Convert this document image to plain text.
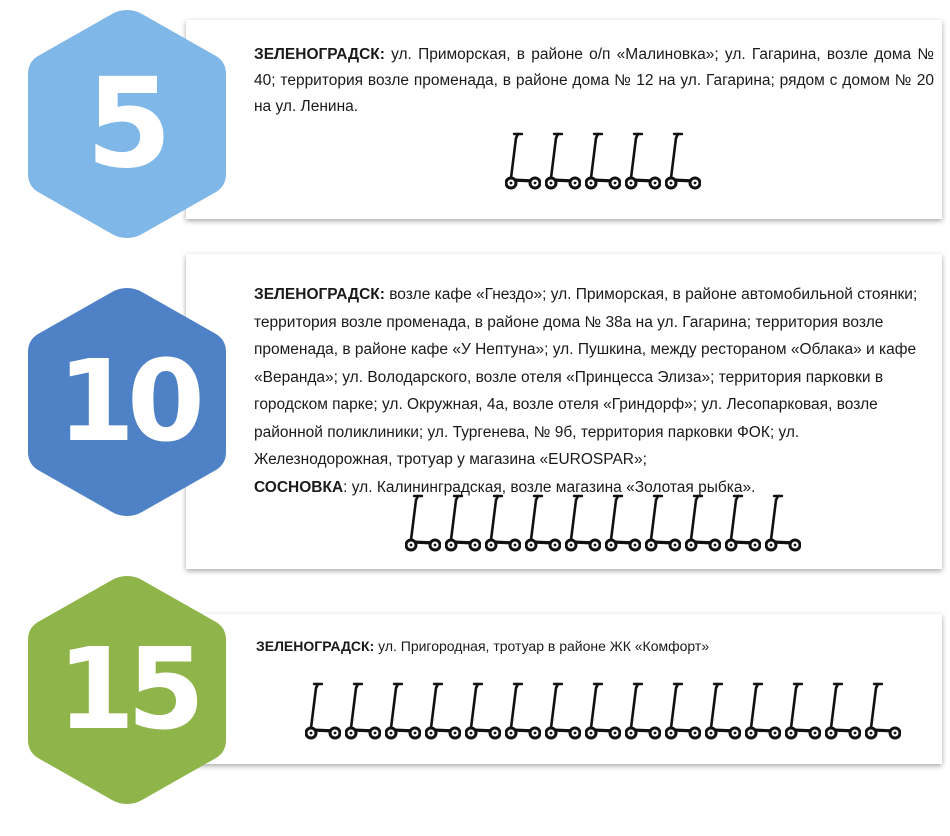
5	ЗЕЛЕНОГРАДСК: ул. Приморская, в районе о/п «Малиновка»; ул. Гагарина, возле дома № 40; территория возле променада, в районе дома № 12 на ул. Гагарина; рядом с домом № 20 на ул. Ленина.
10
ЗЕЛЕНОГРАДСК: возле кафе «Гнездо»; ул. Приморская, в районе автомобильной стоянки; территория возле променада, в районе дома № 38а на ул. Гагарина; территория возле променада, в районе кафе «У Нептуна»; ул. Пушкина, между рестораном «Облака» и кафе «Веранда»; ул. Володарского, возле отеля «Принцесса Элиза»; территория парковки в городском парке; ул. Окружная, 4а, возле отеля «Гриндорф»; ул. Лесопарковая, возле районной поликлиники; ул. Тургенева, № 9б, территория парковки ФОК; ул. Железнодорожная, тротуар у магазина «EUROSPAR»;
СОСНОВКА: ул. Калининградская, возле магазина «Золотая рыбка».
15	ЗЕЛЕНОГРАДСК: ул. Пригородная, тротуар в районе ЖК «Комфорт»
